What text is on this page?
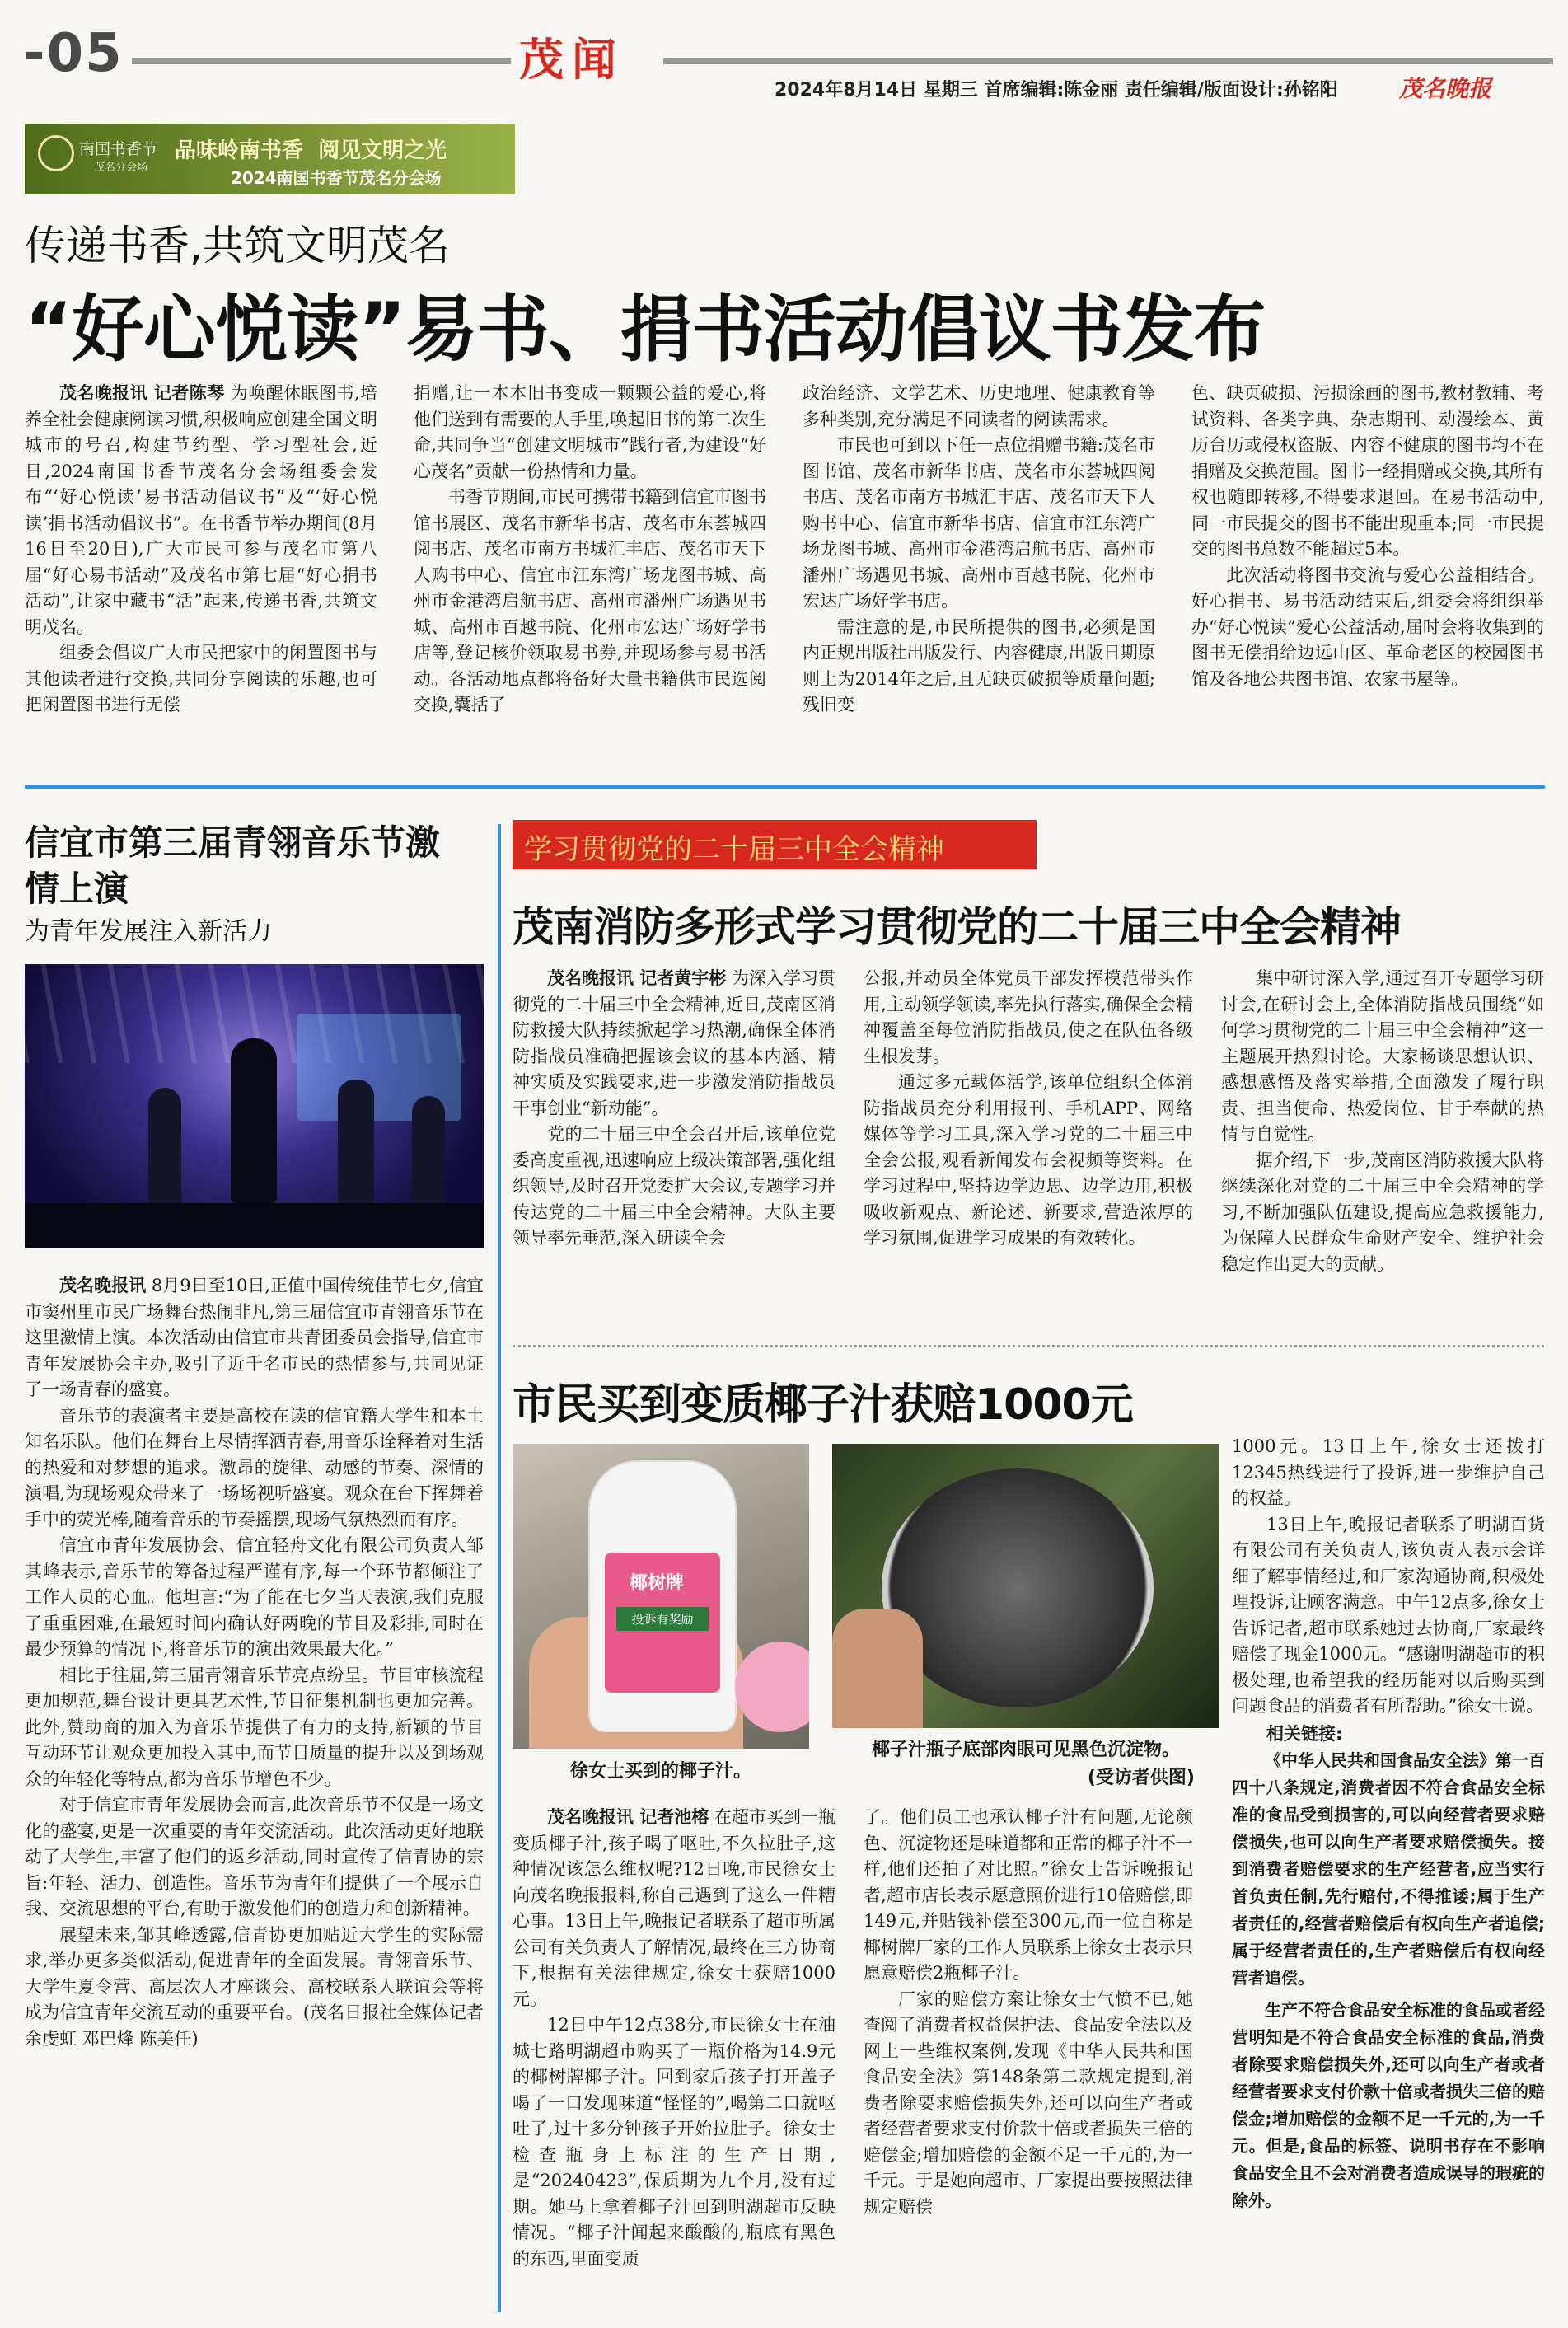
-05	茂闻
2024年8月14日 星期三 首席编辑:陈金丽 责任编辑/版面设计:孙铭阳	茂名晚报
南国书香节
茂名分会场
品味岭南书香  阅见文明之光
2024南国书香节茂名分会场
传递书香,共筑文明茂名
“好心悦读”易书、捐书活动倡议书发布

茂名晚报讯 记者陈琴 为唤醒休眠图书,培养全社会健康阅读习惯,积极响应创建全国文明城市的号召,构建节约型、学习型社会,近日,2024南国书香节茂名分会场组委会发布“‘好心悦读’易书活动倡议书”及“‘好心悦读’捐书活动倡议书”。在书香节举办期间(8月16日至20日),广大市民可参与茂名市第八届“好心易书活动”及茂名市第七届“好心捐书活动”,让家中藏书“活”起来,传递书香,共筑文明茂名。

组委会倡议广大市民把家中的闲置图书与其他读者进行交换,共同分享阅读的乐趣,也可把闲置图书进行无偿

捐赠,让一本本旧书变成一颗颗公益的爱心,将他们送到有需要的人手里,唤起旧书的第二次生命,共同争当“创建文明城市”践行者,为建设“好心茂名”贡献一份热情和力量。

书香节期间,市民可携带书籍到信宜市图书馆书展区、茂名市新华书店、茂名市东荟城四阅书店、茂名市南方书城汇丰店、茂名市天下人购书中心、信宜市江东湾广场龙图书城、高州市金港湾启航书店、高州市潘州广场遇见书城、高州市百越书院、化州市宏达广场好学书店等,登记核价领取易书券,并现场参与易书活动。各活动地点都将备好大量书籍供市民选阅交换,囊括了

政治经济、文学艺术、历史地理、健康教育等多种类别,充分满足不同读者的阅读需求。

市民也可到以下任一点位捐赠书籍:茂名市图书馆、茂名市新华书店、茂名市东荟城四阅书店、茂名市南方书城汇丰店、茂名市天下人购书中心、信宜市新华书店、信宜市江东湾广场龙图书城、高州市金港湾启航书店、高州市潘州广场遇见书城、高州市百越书院、化州市宏达广场好学书店。

需注意的是,市民所提供的图书,必须是国内正规出版社出版发行、内容健康,出版日期原则上为2014年之后,且无缺页破损等质量问题;残旧变

色、缺页破损、污损涂画的图书,教材教辅、考试资料、各类字典、杂志期刊、动漫绘本、黄历台历或侵权盗版、内容不健康的图书均不在捐赠及交换范围。图书一经捐赠或交换,其所有权也随即转移,不得要求退回。在易书活动中,同一市民提交的图书不能出现重本;同一市民提交的图书总数不能超过5本。

此次活动将图书交流与爱心公益相结合。好心捐书、易书活动结束后,组委会将组织举办“好心悦读”爱心公益活动,届时会将收集到的图书无偿捐给边远山区、革命老区的校园图书馆及各地公共图书馆、农家书屋等。

信宜市第三届青翎音乐节激情上演
为青年发展注入新活力

茂名晚报讯 8月9日至10日,正值中国传统佳节七夕,信宜市窦州里市民广场舞台热闹非凡,第三届信宜市青翎音乐节在这里激情上演。本次活动由信宜市共青团委员会指导,信宜市青年发展协会主办,吸引了近千名市民的热情参与,共同见证了一场青春的盛宴。

音乐节的表演者主要是高校在读的信宜籍大学生和本土知名乐队。他们在舞台上尽情挥洒青春,用音乐诠释着对生活的热爱和对梦想的追求。激昂的旋律、动感的节奏、深情的演唱,为现场观众带来了一场场视听盛宴。观众在台下挥舞着手中的荧光棒,随着音乐的节奏摇摆,现场气氛热烈而有序。

信宜市青年发展协会、信宜轻舟文化有限公司负责人邹其峰表示,音乐节的筹备过程严谨有序,每一个环节都倾注了工作人员的心血。他坦言:“为了能在七夕当天表演,我们克服了重重困难,在最短时间内确认好两晚的节目及彩排,同时在最少预算的情况下,将音乐节的演出效果最大化。”

相比于往届,第三届青翎音乐节亮点纷呈。节目审核流程更加规范,舞台设计更具艺术性,节目征集机制也更加完善。此外,赞助商的加入为音乐节提供了有力的支持,新颖的节目互动环节让观众更加投入其中,而节目质量的提升以及到场观众的年轻化等特点,都为音乐节增色不少。

对于信宜市青年发展协会而言,此次音乐节不仅是一场文化的盛宴,更是一次重要的青年交流活动。此次活动更好地联动了大学生,丰富了他们的返乡活动,同时宣传了信青协的宗旨:年轻、活力、创造性。音乐节为青年们提供了一个展示自我、交流思想的平台,有助于激发他们的创造力和创新精神。

展望未来,邹其峰透露,信青协更加贴近大学生的实际需求,举办更多类似活动,促进青年的全面发展。青翎音乐节、大学生夏令营、高层次人才座谈会、高校联系人联谊会等将成为信宜青年交流互动的重要平台。(茂名日报社全媒体记者 余虔虹 邓巴烽 陈美任)

学习贯彻党的二十届三中全会精神
茂南消防多形式学习贯彻党的二十届三中全会精神

茂名晚报讯 记者黄宇彬 为深入学习贯彻党的二十届三中全会精神,近日,茂南区消防救援大队持续掀起学习热潮,确保全体消防指战员准确把握该会议的基本内涵、精神实质及实践要求,进一步激发消防指战员干事创业“新动能”。

党的二十届三中全会召开后,该单位党委高度重视,迅速响应上级决策部署,强化组织领导,及时召开党委扩大会议,专题学习并传达党的二十届三中全会精神。大队主要领导率先垂范,深入研读全会

公报,并动员全体党员干部发挥模范带头作用,主动领学领读,率先执行落实,确保全会精神覆盖至每位消防指战员,使之在队伍各级生根发芽。

通过多元载体活学,该单位组织全体消防指战员充分利用报刊、手机APP、网络媒体等学习工具,深入学习党的二十届三中全会公报,观看新闻发布会视频等资料。在学习过程中,坚持边学边思、边学边用,积极吸收新观点、新论述、新要求,营造浓厚的学习氛围,促进学习成果的有效转化。

集中研讨深入学,通过召开专题学习研讨会,在研讨会上,全体消防指战员围绕“如何学习贯彻党的二十届三中全会精神”这一主题展开热烈讨论。大家畅谈思想认识、感想感悟及落实举措,全面激发了履行职责、担当使命、热爱岗位、甘于奉献的热情与自觉性。

据介绍,下一步,茂南区消防救援大队将继续深化对党的二十届三中全会精神的学习,不断加强队伍建设,提高应急救援能力,为保障人民群众生命财产安全、维护社会稳定作出更大的贡献。

市民买到变质椰子汁获赔1000元
椰树牌
投诉有奖励
徐女士买到的椰子汁。
椰子汁瓶子底部肉眼可见黑色沉淀物。
(受访者供图)

茂名晚报讯 记者池榕 在超市买到一瓶变质椰子汁,孩子喝了呕吐,不久拉肚子,这种情况该怎么维权呢?12日晚,市民徐女士向茂名晚报报料,称自己遇到了这么一件糟心事。13日上午,晚报记者联系了超市所属公司有关负责人了解情况,最终在三方协商下,根据有关法律规定,徐女士获赔1000元。

12日中午12点38分,市民徐女士在油城七路明湖超市购买了一瓶价格为14.9元的椰树牌椰子汁。回到家后孩子打开盖子喝了一口发现味道“怪怪的”,喝第二口就呕吐了,过十多分钟孩子开始拉肚子。徐女士检查瓶身上标注的生产日期,是“20240423”,保质期为九个月,没有过期。她马上拿着椰子汁回到明湖超市反映情况。“椰子汁闻起来酸酸的,瓶底有黑色的东西,里面变质

了。他们员工也承认椰子汁有问题,无论颜色、沉淀物还是味道都和正常的椰子汁不一样,他们还拍了对比照。”徐女士告诉晚报记者,超市店长表示愿意照价进行10倍赔偿,即149元,并贴钱补偿至300元,而一位自称是椰树牌厂家的工作人员联系上徐女士表示只愿意赔偿2瓶椰子汁。

厂家的赔偿方案让徐女士气愤不已,她查阅了消费者权益保护法、食品安全法以及网上一些维权案例,发现《中华人民共和国食品安全法》第148条第二款规定提到,消费者除要求赔偿损失外,还可以向生产者或者经营者要求支付价款十倍或者损失三倍的赔偿金;增加赔偿的金额不足一千元的,为一千元。于是她向超市、厂家提出要按照法律规定赔偿

1000元。13日上午,徐女士还拨打12345热线进行了投诉,进一步维护自己的权益。

13日上午,晚报记者联系了明湖百货有限公司有关负责人,该负责人表示会详细了解事情经过,和厂家沟通协商,积极处理投诉,让顾客满意。中午12点多,徐女士告诉记者,超市联系她过去协商,厂家最终赔偿了现金1000元。“感谢明湖超市的积极处理,也希望我的经历能对以后购买到问题食品的消费者有所帮助。”徐女士说。

相关链接:

《中华人民共和国食品安全法》第一百四十八条规定,消费者因不符合食品安全标准的食品受到损害的,可以向经营者要求赔偿损失,也可以向生产者要求赔偿损失。接到消费者赔偿要求的生产经营者,应当实行首负责任制,先行赔付,不得推诿;属于生产者责任的,经营者赔偿后有权向生产者追偿;属于经营者责任的,生产者赔偿后有权向经营者追偿。

生产不符合食品安全标准的食品或者经营明知是不符合食品安全标准的食品,消费者除要求赔偿损失外,还可以向生产者或者经营者要求支付价款十倍或者损失三倍的赔偿金;增加赔偿的金额不足一千元的,为一千元。但是,食品的标签、说明书存在不影响食品安全且不会对消费者造成误导的瑕疵的除外。
